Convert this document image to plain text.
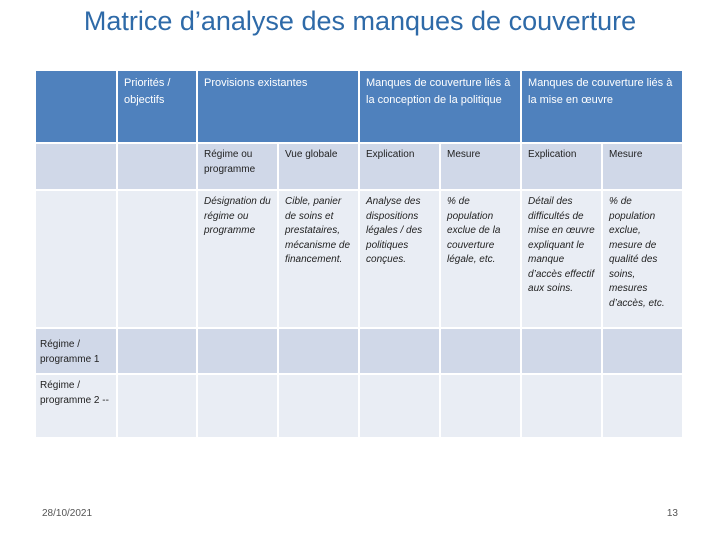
Matrice d’analyse des manques de couverture
	Priorités / objectifs	Provisions existantes		Manques de couverture liés à la conception de la politique		Manques de couverture liés à la mise en œuvre	
		Régime ou programme	Vue globale	Explication	Mesure	Explication	Mesure
		Désignation du régime ou programme	Cible, panier de soins et prestataires, mécanisme de financement.	Analyse des dispositions légales / des politiques conçues.	% de population exclue de la couverture légale, etc.	Détail des difficultés de mise en œuvre expliquant le manque d’accès effectif aux soins.	% de population exclue, mesure de qualité des soins, mesures d’accès, etc.
Régime / programme 1							
Régime / programme 2 --							
28/10/2021	13
